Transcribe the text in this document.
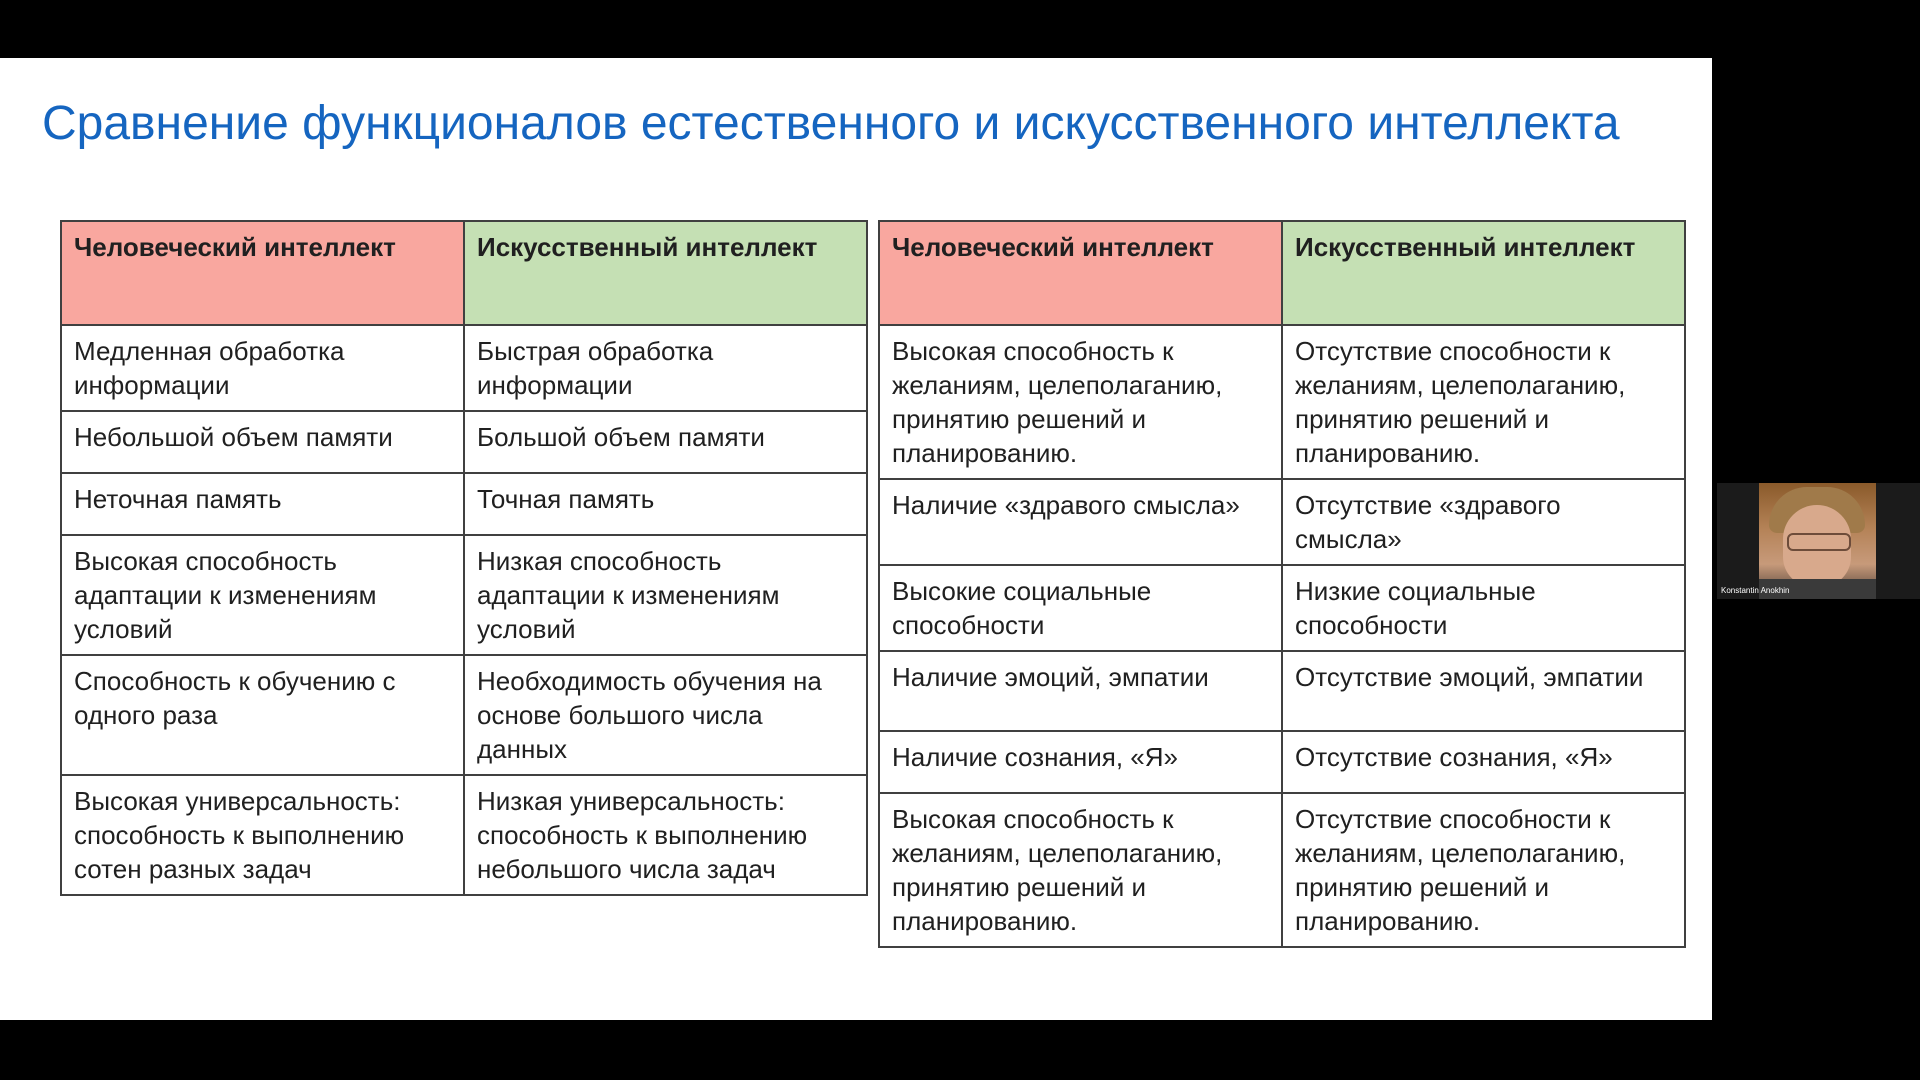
Сравнение функционалов естественного и искусственного интеллекта
Человеческий интеллект	Искусственный интеллект
Медленная обработка информации	Быстрая обработка информации
Небольшой объем памяти	Большой объем памяти
Неточная память	Точная память
Высокая способность адаптации к изменениям условий	Низкая способность адаптации к изменениям условий
Способность к обучению с одного раза	Необходимость обучения на основе большого числа данных
Высокая универсальность: способность к выполнению сотен разных задач	Низкая универсальность: способность к выполнению небольшого числа задач
Человеческий интеллект	Искусственный интеллект
Высокая способность к желаниям, целеполаганию, принятию решений и планированию.	Отсутствие способности к желаниям, целеполаганию, принятию решений и планированию.
Наличие «здравого смысла»	Отсутствие «здравого смысла»
Высокие социальные способности	Низкие социальные способности
Наличие эмоций, эмпатии	Отсутствие эмоций, эмпатии
Наличие сознания, «Я»	Отсутствие сознания, «Я»
Высокая способность к желаниям, целеполаганию, принятию решений и планированию.	Отсутствие способности к желаниям, целеполаганию, принятию решений и планированию.
Konstantin Anokhin
